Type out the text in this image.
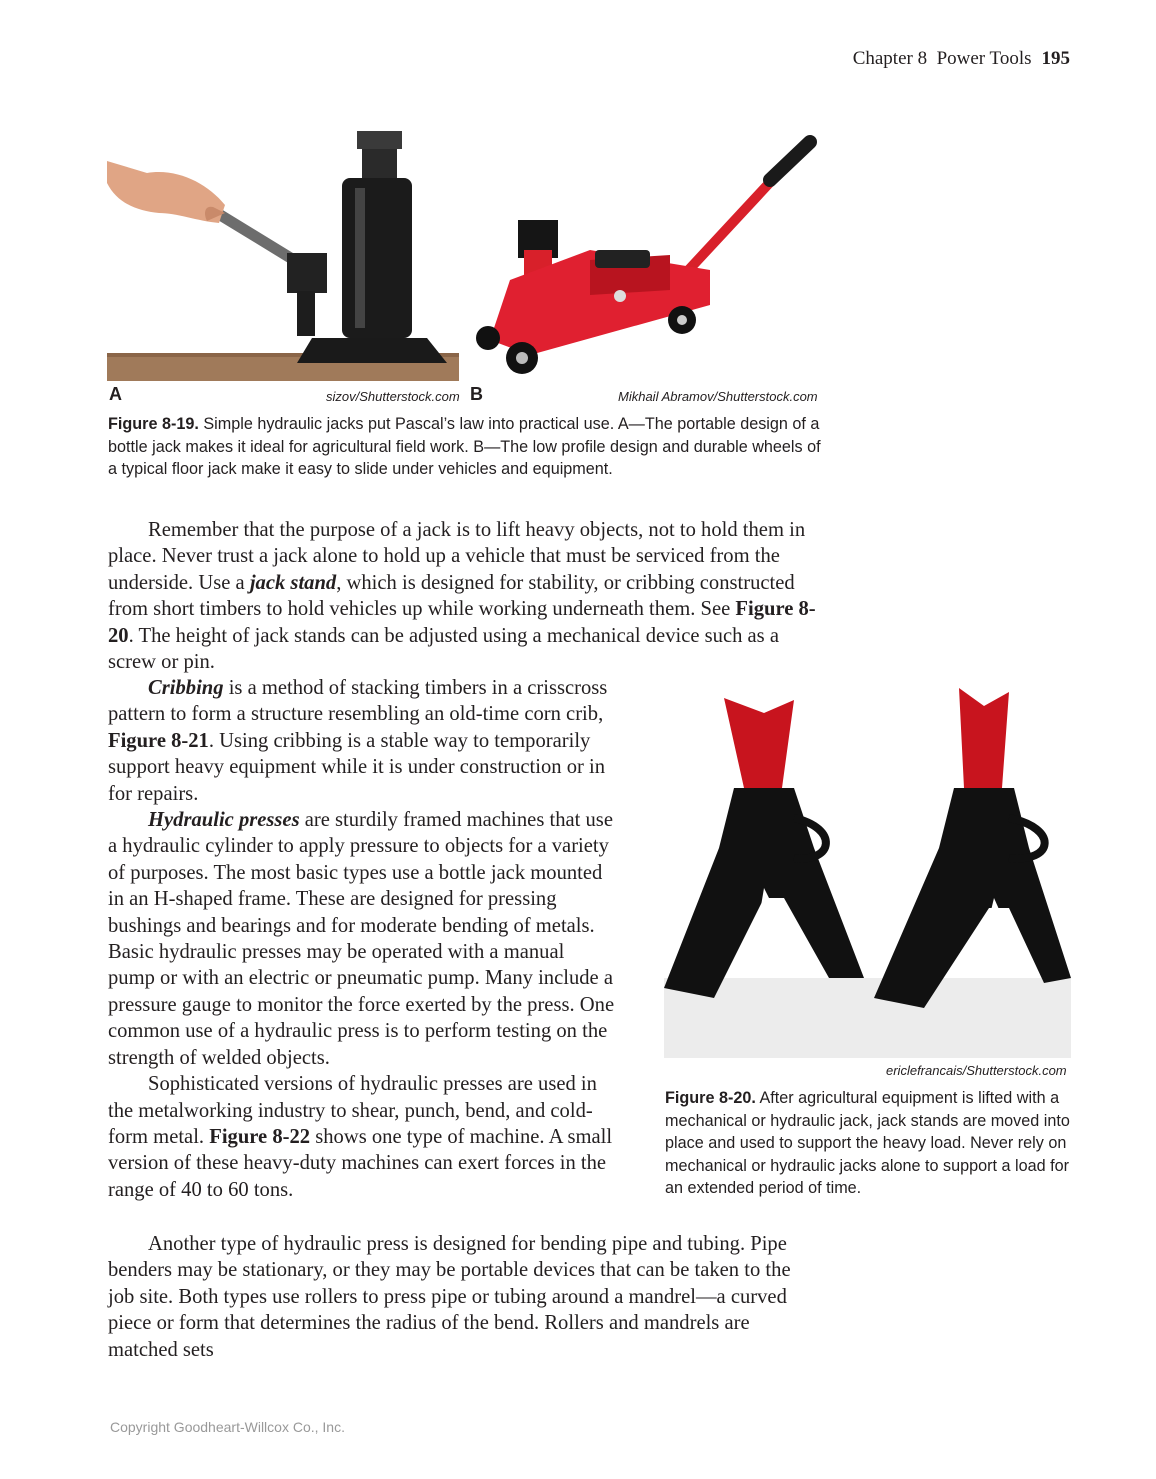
Chapter 8  Power Tools 195
A	sizov/Shutterstock.com B	Mikhail Abramov/Shutterstock.com
Figure 8-19. Simple hydraulic jacks put Pascal’s law into practical use. A—The portable design of a bottle jack makes it ideal for agricultural field work. B—The low profile design and durable wheels of a typical floor jack make it easy to slide under vehicles and equipment.

Remember that the purpose of a jack is to lift heavy objects, not to hold them in place. Never trust a jack alone to hold up a vehicle that must be serviced from the underside. Use a jack stand, which is designed for stability, or cribbing constructed from short timbers to hold vehicles up while working underneath them. See Figure 8-20. The height of jack stands can be adjusted using a mechanical device such as a screw or pin.

Cribbing is a method of stacking timbers in a crisscross pattern to form a structure resembling an old-time corn crib, Figure 8-21. Using cribbing is a stable way to temporarily support heavy equipment while it is under construction or in for repairs.

Hydraulic presses are sturdily framed machines that use a hydraulic cylinder to apply pressure to objects for a variety of purposes. The most basic types use a bottle jack mounted in an H-shaped frame. These are designed for pressing bushings and bearings and for moderate bending of metals. Basic hydraulic presses may be operated with a manual pump or with an electric or pneumatic pump. Many include a pressure gauge to monitor the force exerted by the press. One common use of a hydraulic press is to perform testing on the strength of welded objects.

Sophisticated versions of hydraulic presses are used in the metalworking industry to shear, punch, bend, and cold-form metal. Figure 8-22 shows one type of machine. A small version of these heavy-duty machines can exert forces in the range of 40 to 60 tons.

Another type of hydraulic press is designed for bending pipe and tubing. Pipe benders may be stationary, or they may be portable devices that can be taken to the job site. Both types use rollers to press pipe or tubing around a mandrel—a curved piece or form that determines the radius of the bend. Rollers and mandrels are matched sets

ericlefrancais/Shutterstock.com
Figure 8-20. After agricultural equipment is lifted with a mechanical or hydraulic jack, jack stands are moved into place and used to support the heavy load. Never rely on mechanical or hydraulic jacks alone to support a load for an extended period of time.
Copyright Goodheart-Willcox Co., Inc.
